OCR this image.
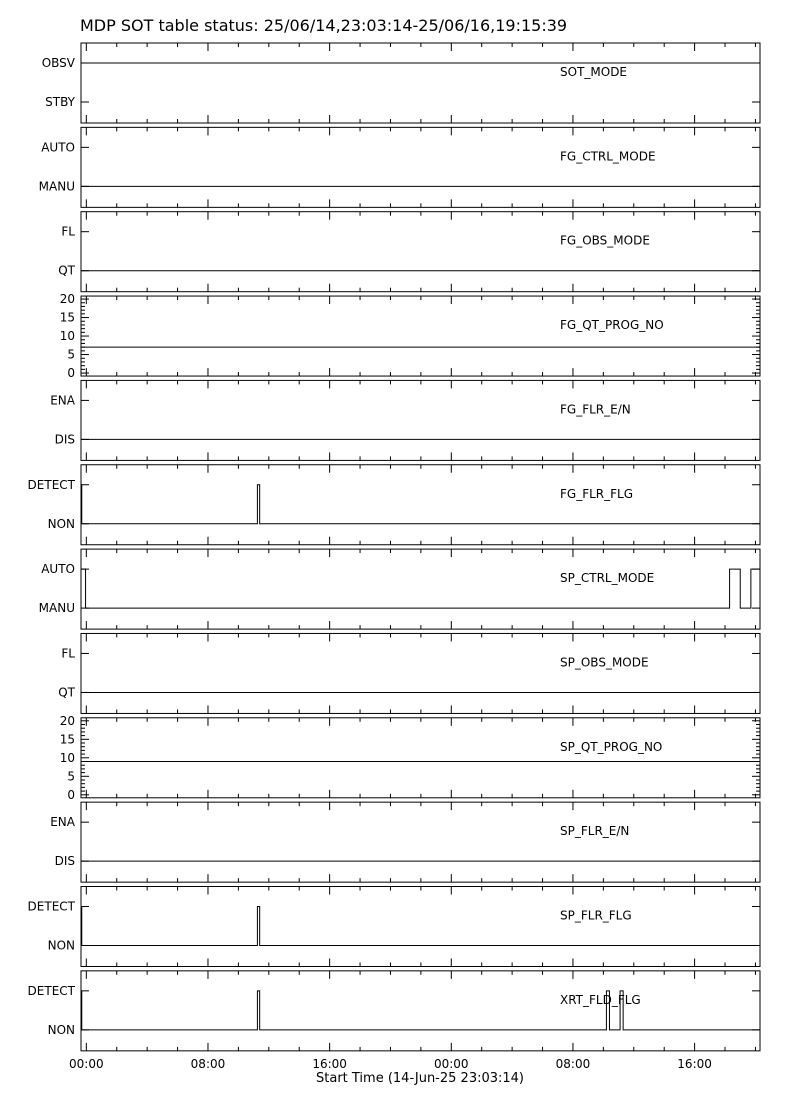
MDP SOT table status: 25/06/14,23:03:14-25/06/16,19:15:39
SOT_MODE
OBSV
STBY
FG_CTRL_MODE
AUTO
MANU
FG_OBS_MODE
FL
QT
FG_QT_PROG_NO
20
15
10
5
0
FG_FLR_E/N
ENA
DIS
FG_FLR_FLG
DETECT
NON
SP_CTRL_MODE
AUTO
MANU
SP_OBS_MODE
FL
QT
SP_QT_PROG_NO
20
15
10
5
0
SP_FLR_E/N
ENA
DIS
SP_FLR_FLG
DETECT
NON
XRT_FLD_FLG
DETECT
NON
00:00	08:00	16:00	00:00	08:00	16:00
Start Time (14-Jun-25 23:03:14)
